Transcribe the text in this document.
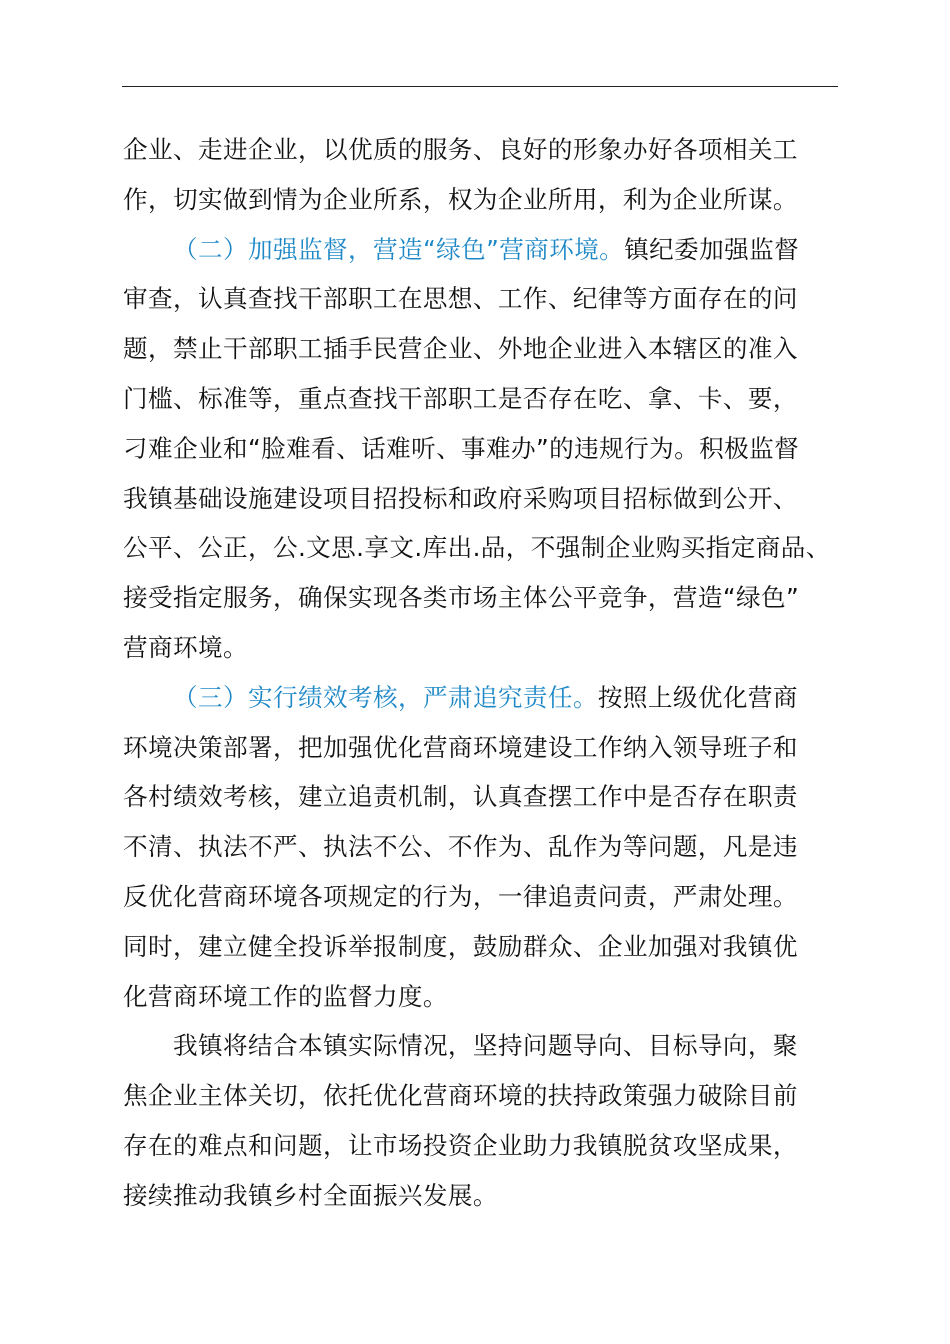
企业、走进企业，以优质的服务、良好的形象办好各项相关工
作，切实做到情为企业所系，权为企业所用，利为企业所谋。

（二）加强监督，营造“绿色”营商环境。镇纪委加强监督
审查，认真查找干部职工在思想、工作、纪律等方面存在的问
题，禁止干部职工插手民营企业、外地企业进入本辖区的准入
门槛、标准等，重点查找干部职工是否存在吃、拿、卡、要，
刁难企业和“脸难看、话难听、事难办”的违规行为。积极监督
我镇基础设施建设项目招投标和政府采购项目招标做到公开、
公平、公正，公.文思.享文.库出.品，不强制企业购买指定商品、
接受指定服务，确保实现各类市场主体公平竞争，营造“绿色”
营商环境。

（三）实行绩效考核，严肃追究责任。按照上级优化营商
环境决策部署，把加强优化营商环境建设工作纳入领导班子和
各村绩效考核，建立追责机制，认真查摆工作中是否存在职责
不清、执法不严、执法不公、不作为、乱作为等问题，凡是违
反优化营商环境各项规定的行为，一律追责问责，严肃处理。
同时，建立健全投诉举报制度，鼓励群众、企业加强对我镇优
化营商环境工作的监督力度。

我镇将结合本镇实际情况，坚持问题导向、目标导向，聚
焦企业主体关切，依托优化营商环境的扶持政策强力破除目前
存在的难点和问题，让市场投资企业助力我镇脱贫攻坚成果，
接续推动我镇乡村全面振兴发展。
